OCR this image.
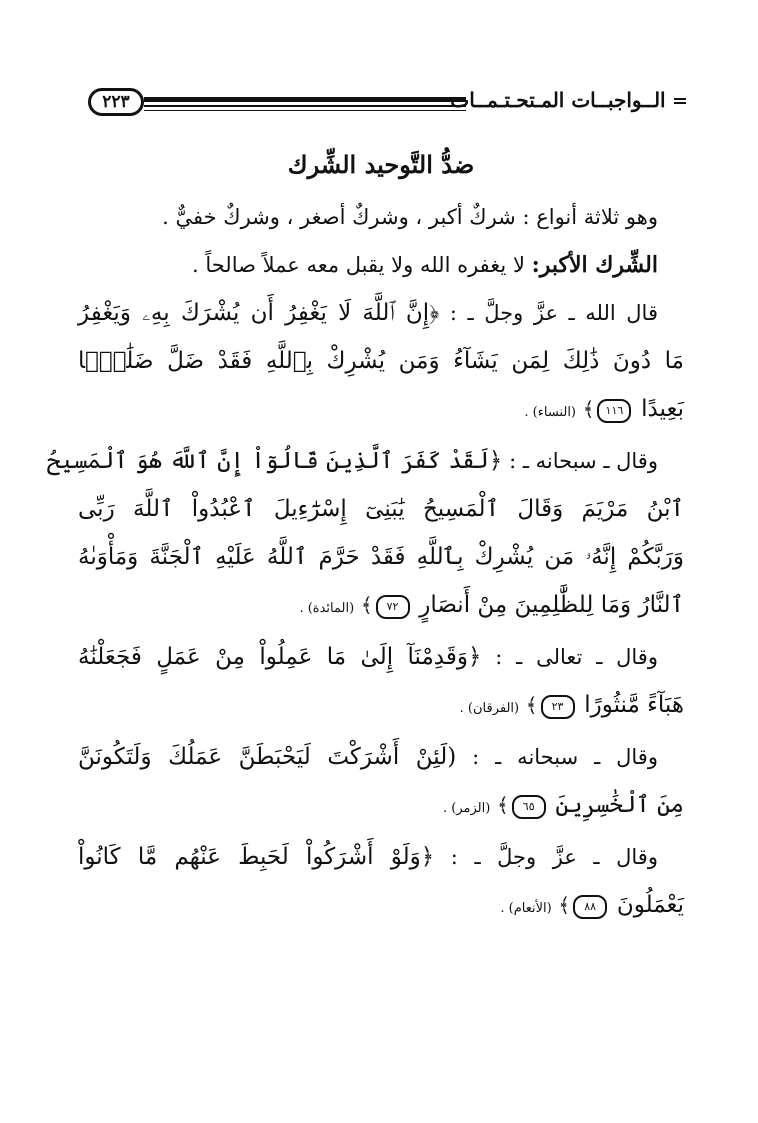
٢٢٣	الــواجبــات المـتحـتـمــات
ضدُّ التَّوحيد الشِّرك
وهو ثلاثة أنواع : شركٌ أكبر ، وشركٌ أصغر ، وشركٌ خفيٌّ .
الشِّرك الأكبر: لا يغفره الله ولا يقبل معه عملاً صالحاً .
قال الله ـ عزَّ وجلَّ ـ : ﴿إِنَّ ٱللَّهَ لَا يَغْفِرُ أَن يُشْرَكَ بِهِۦ وَيَغْفِرُ
مَا دُونَ ذَٰلِكَ لِمَن يَشَآءُ وَمَن يُشْرِكْ بِٱللَّهِ فَقَدْ ضَلَّ ضَلَٰلًۢا
بَعِيدًا ١١٦﴾ (النساء) .
وقال ـ سبحانه ـ : ﴿لَقَدْ كَفَرَ ٱلَّذِينَ قَالُوٓاْ إِنَّ ٱللَّهَ هُوَ ٱلْمَسِيحُ
ٱبْنُ مَرْيَمَ وَقَالَ ٱلْمَسِيحُ يَٰبَنِىٓ إِسْرَٰٓءِيلَ ٱعْبُدُواْ ٱللَّهَ رَبِّى
وَرَبَّكُمْ إِنَّهُۥ مَن يُشْرِكْ بِٱللَّهِ فَقَدْ حَرَّمَ ٱللَّهُ عَلَيْهِ ٱلْجَنَّةَ وَمَأْوَىٰهُ
ٱلنَّارُ وَمَا لِلظَّٰلِمِينَ مِنْ أَنصَارٍ ٧٢﴾ (المائدة) .
وقال ـ تعالى ـ : ﴿وَقَدِمْنَآ إِلَىٰ مَا عَمِلُواْ مِنْ عَمَلٍ فَجَعَلْنَٰهُ
هَبَآءً مَّنثُورًا ٢٣﴾ (الفرقان) .
وقال ـ سبحانه ـ : (لَئِنْ أَشْرَكْتَ لَيَحْبَطَنَّ عَمَلُكَ وَلَتَكُونَنَّ
مِنَ ٱلْخَٰسِرِينَ ٦٥﴾ (الزمر) .
وقال ـ عزَّ وجلَّ ـ : ﴿وَلَوْ أَشْرَكُواْ لَحَبِطَ عَنْهُم مَّا كَانُواْ
يَعْمَلُونَ ٨٨﴾ (الأنعام) .
